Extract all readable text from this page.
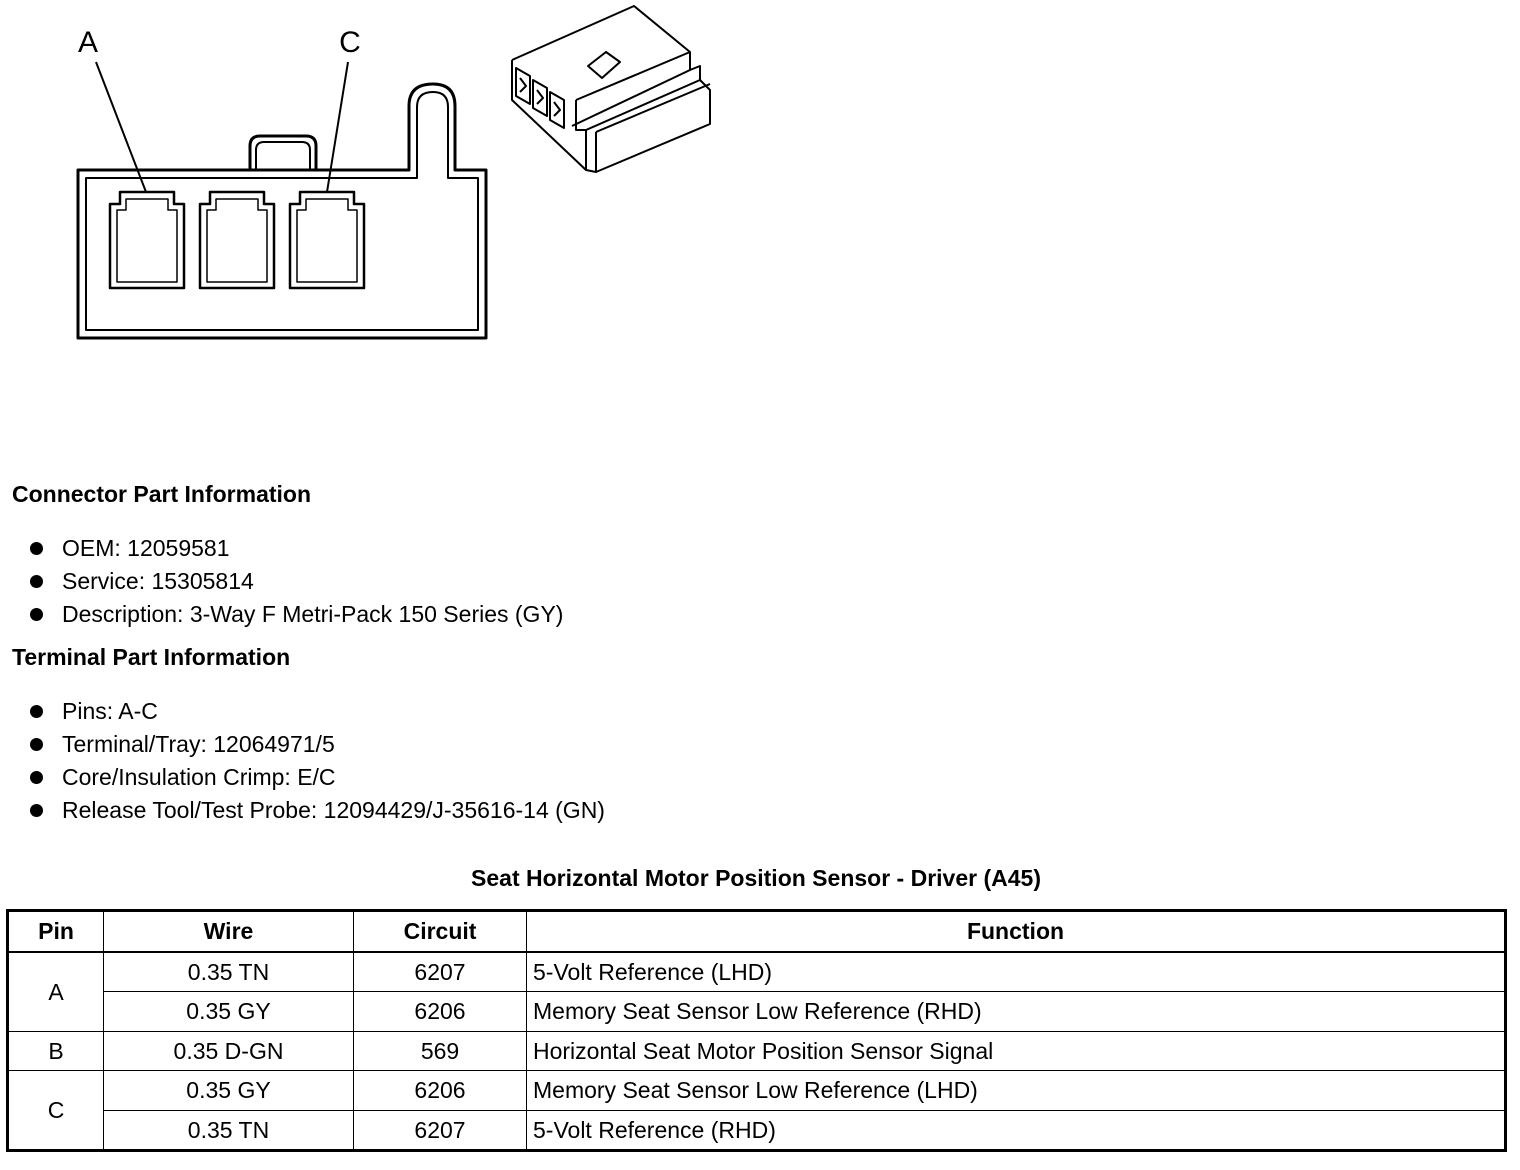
A	C
Connector Part Information
OEM: 12059581
Service: 15305814
Description: 3-Way F Metri-Pack 150 Series (GY)
Terminal Part Information
Pins: A-C
Terminal/Tray: 12064971/5
Core/Insulation Crimp: E/C
Release Tool/Test Probe: 12094429/J-35616-14 (GN)
Seat Horizontal Motor Position Sensor - Driver (A45)
Pin	Wire	Circuit	Function
A	0.35 TN	6207	5-Volt Reference (LHD)
	0.35 GY	6206	Memory Seat Sensor Low Reference (RHD)
B	0.35 D-GN	569	Horizontal Seat Motor Position Sensor Signal
C	0.35 GY	6206	Memory Seat Sensor Low Reference (LHD)
	0.35 TN	6207	5-Volt Reference (RHD)
